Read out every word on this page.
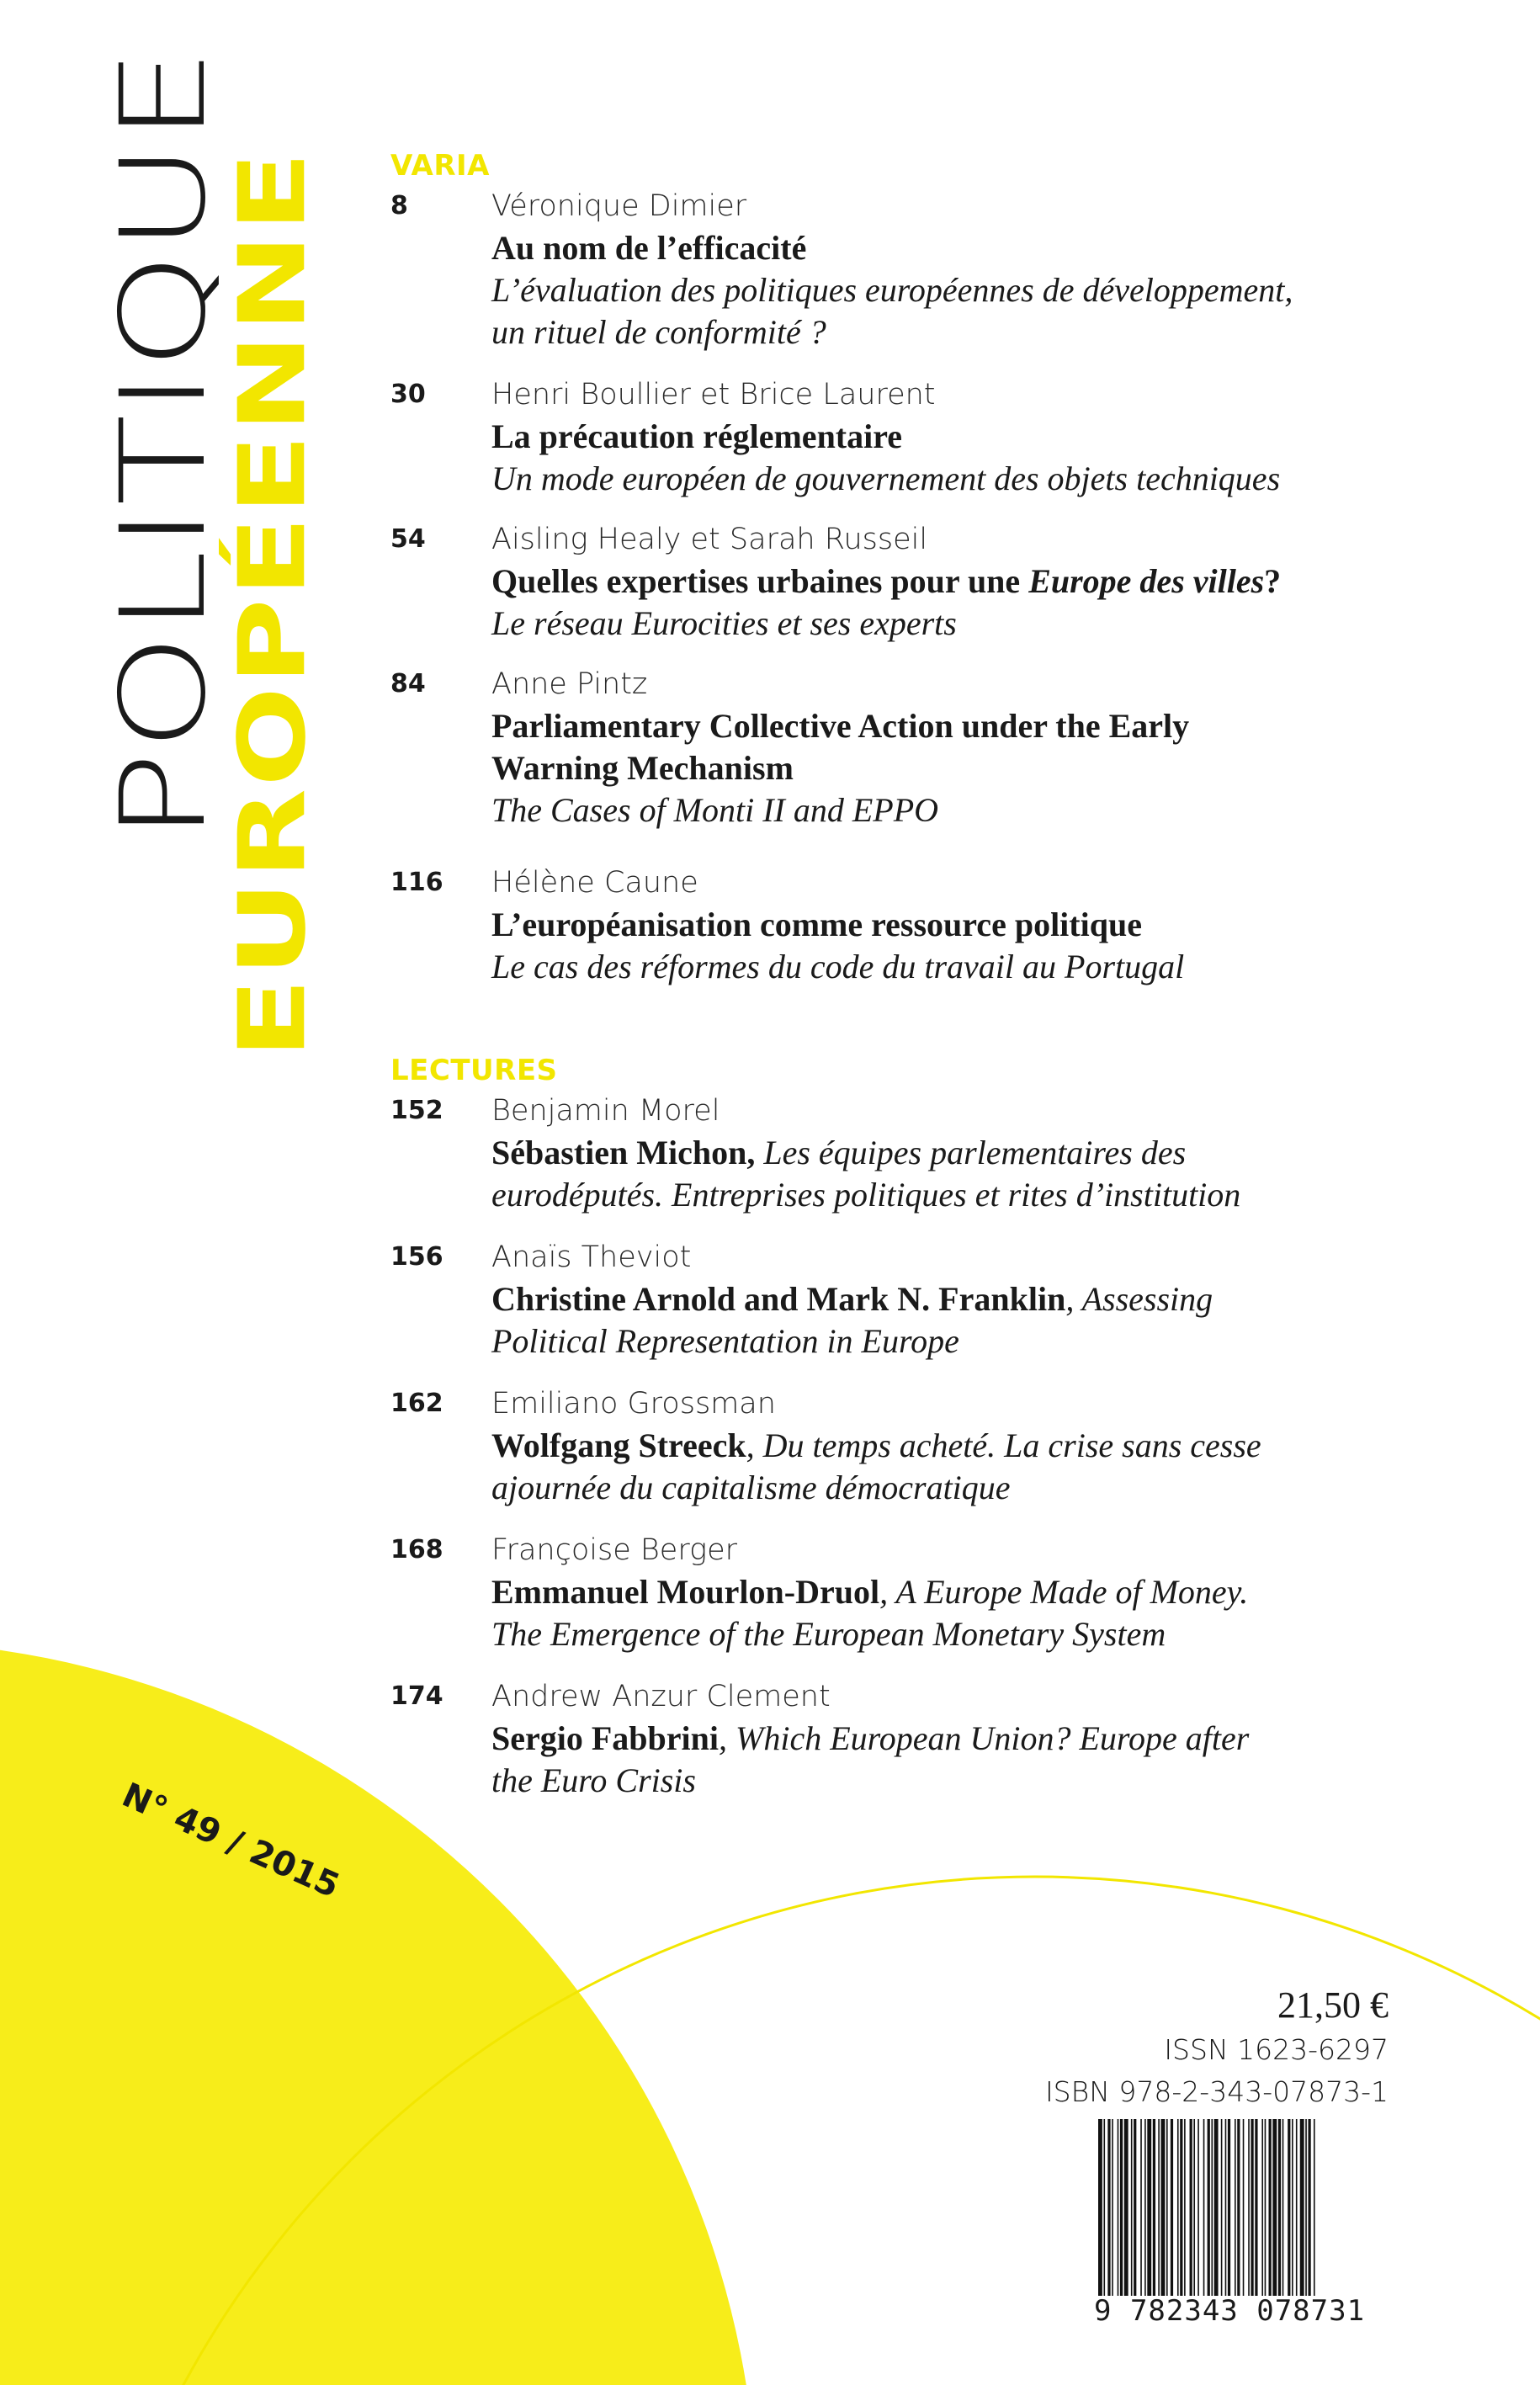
POLITIQUE
EUROPÉENNE VARIA
8	Véronique Dimier
Au nom de l’efficacité
L’évaluation des politiques européennes de développement,
un rituel de conformité ?
30 Henri Boullier et Brice Laurent
La précaution réglementaire
Un mode européen de gouvernement des objets techniques
54 Aisling Healy et Sarah Russeil
Quelles expertises urbaines pour une Europe des villes?
Le réseau Eurocities et ses experts
84 Anne Pintz
Parliamentary Collective Action under the Early
Warning Mechanism
The Cases of Monti II and EPPO
116 Hélène Caune
L’européanisation comme ressource politique
Le cas des réformes du code du travail au Portugal
LECTURES
152 Benjamin Morel
Sébastien Michon, Les équipes parlementaires des
eurodéputés. Entreprises politiques et rites d’institution
156 Anaïs Theviot
Christine Arnold and Mark N. Franklin, Assessing
Political Representation in Europe
162 Emiliano Grossman
Wolfgang Streeck, Du temps acheté. La crise sans cesse
ajournée du capitalisme démocratique
168 Françoise Berger
Emmanuel Mourlon-Druol, A Europe Made of Money.
The Emergence of the European Monetary System
174 Andrew Anzur Clement
Sergio Fabbrini, Which European Union? Europe after
the Euro Crisis
N° 49 / 2015
21,50 €
ISSN 1623-6297
ISBN 978-2-343-07873-1
9 782343 078731
